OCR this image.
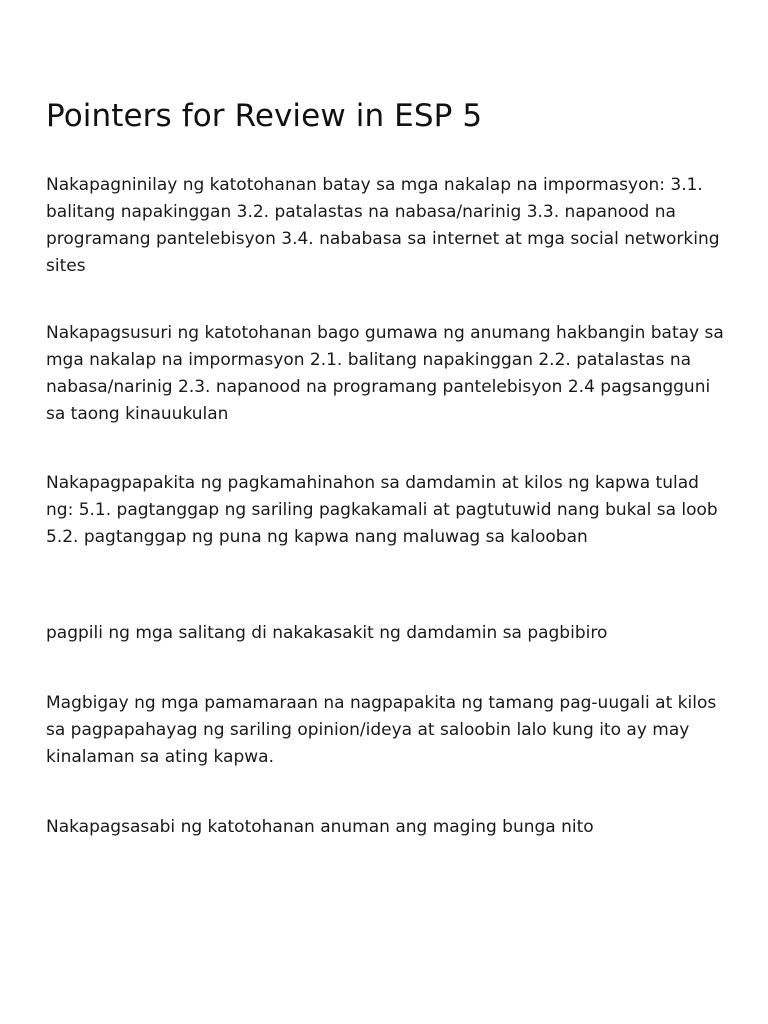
Pointers for Review in ESP 5

Nakapagninilay ng katotohanan batay sa mga nakalap na impormasyon: 3.1. balitang napakinggan 3.2. patalastas na nabasa/narinig 3.3. napanood na programang pantelebisyon 3.4. nababasa sa internet at mga social networking sites

Nakapagsusuri ng katotohanan bago gumawa ng anumang hakbangin batay sa mga nakalap na impormasyon 2.1. balitang napakinggan 2.2. patalastas na nabasa/narinig 2.3. napanood na programang pantelebisyon 2.4 pagsangguni sa taong kinauukulan

Nakapagpapakita ng pagkamahinahon sa damdamin at kilos ng kapwa tulad ng: 5.1. pagtanggap ng sariling pagkakamali at pagtutuwid nang bukal sa loob 5.2. pagtanggap ng puna ng kapwa nang maluwag sa kalooban

pagpili ng mga salitang di nakakasakit ng damdamin sa pagbibiro

Magbigay ng mga pamamaraan na nagpapakita ng tamang pag-uugali at kilos sa pagpapahayag ng sariling opinion/ideya at saloobin lalo kung ito ay may kinalaman sa ating kapwa.

Nakapagsasabi ng katotohanan anuman ang maging bunga nito
